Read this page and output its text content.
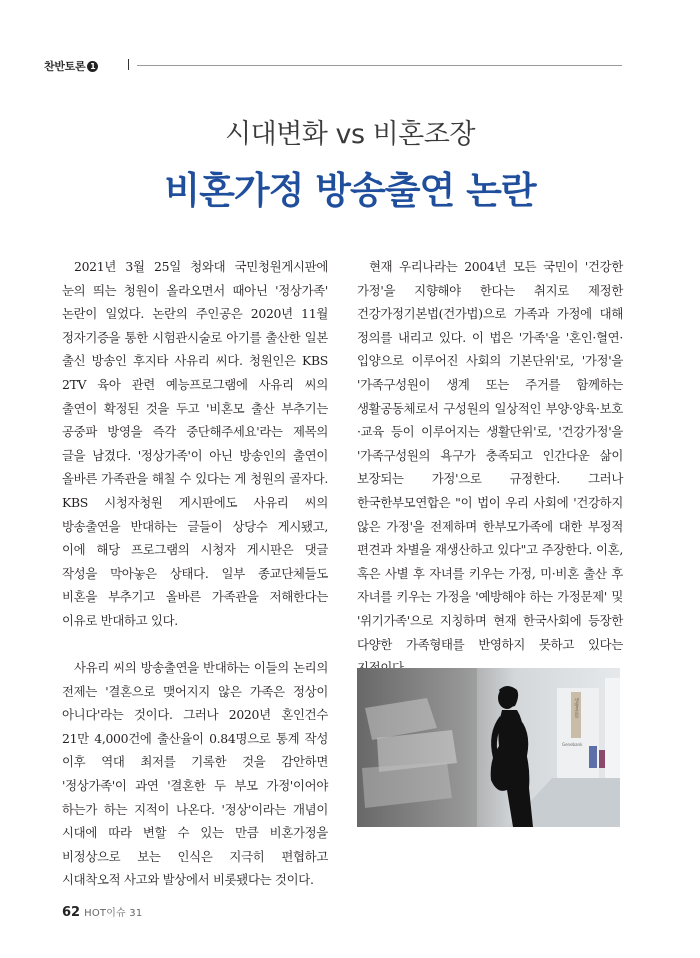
찬반토론 1
시대변화 vs 비혼조장
비혼가정 방송출연 논란

2021년 3월 25일 청와대 국민청원게시판에 눈의 띄는 청원이 올라오면서 때아닌 '정상가족' 논란이 일었다. 논란의 주인공은 2020년 11월 정자기증을 통한 시험관시술로 아기를 출산한 일본 출신 방송인 후지타 사유리 씨다. 청원인은 KBS 2TV 육아 관련 예능프로그램에 사유리 씨의 출연이 확정된 것을 두고 '비혼모 출산 부추기는 공중파 방영을 즉각 중단해주세요'라는 제목의 글을 남겼다. '정상가족'이 아닌 방송인의 출연이 올바른 가족관을 해칠 수 있다는 게 청원의 골자다. KBS 시청자청원 게시판에도 사유리 씨의 방송출연을 반대하는 글들이 상당수 게시됐고, 이에 해당 프로그램의 시청자 게시판은 댓글 작성을 막아놓은 상태다. 일부 종교단체들도 비혼을 부추기고 올바른 가족관을 저해한다는 이유로 반대하고 있다.

사유리 씨의 방송출연을 반대하는 이들의 논리의 전제는 '결혼으로 맺어지지 않은 가족은 정상이 아니다'라는 것이다. 그러나 2020년 혼인건수 21만 4,000건에 출산율이 0.84명으로 통계 작성 이후 역대 최저를 기록한 것을 감안하면 '정상가족'이 과연 '결혼한 두 부모 가정'이어야 하는가 하는 지적이 나온다. '정상'이라는 개념이 시대에 따라 변할 수 있는 만큼 비혼가정을 비정상으로 보는 인식은 지극히 편협하고 시대착오적 사고와 발상에서 비롯됐다는 것이다.

현재 우리나라는 2004년 모든 국민이 '건강한 가정'을 지향해야 한다는 취지로 제정한 건강가정기본법(건가법)으로 가족과 가정에 대해 정의를 내리고 있다. 이 법은 '가족'을 '혼인·혈연·입양으로 이루어진 사회의 기본단위'로, '가정'을 '가족구성원이 생계 또는 주거를 함께하는 생활공동체로서 구성원의 일상적인 부양·양육·보호·교육 등이 이루어지는 생활단위'로, '건강가정'을 '가족구성원의 욕구가 충족되고 인간다운 삶이 보장되는 가정'으로 규정한다. 그러나 한국한부모연합은 "이 법이 우리 사회에 '건강하지 않은 가정'을 전제하며 한부모가족에 대한 부정적 편견과 차별을 재생산하고 있다"고 주장한다. 이혼, 혹은 사별 후 자녀를 키우는 가정, 미·비혼 출산 후 자녀를 키우는 가정을 '예방해야 하는 가정문제' 및 '위기가족'으로 지칭하며 현재 한국사회에 등장한 다양한 가족형태를 반영하지 못하고 있다는

생명공원
Genebank
62 HOT이슈 31
